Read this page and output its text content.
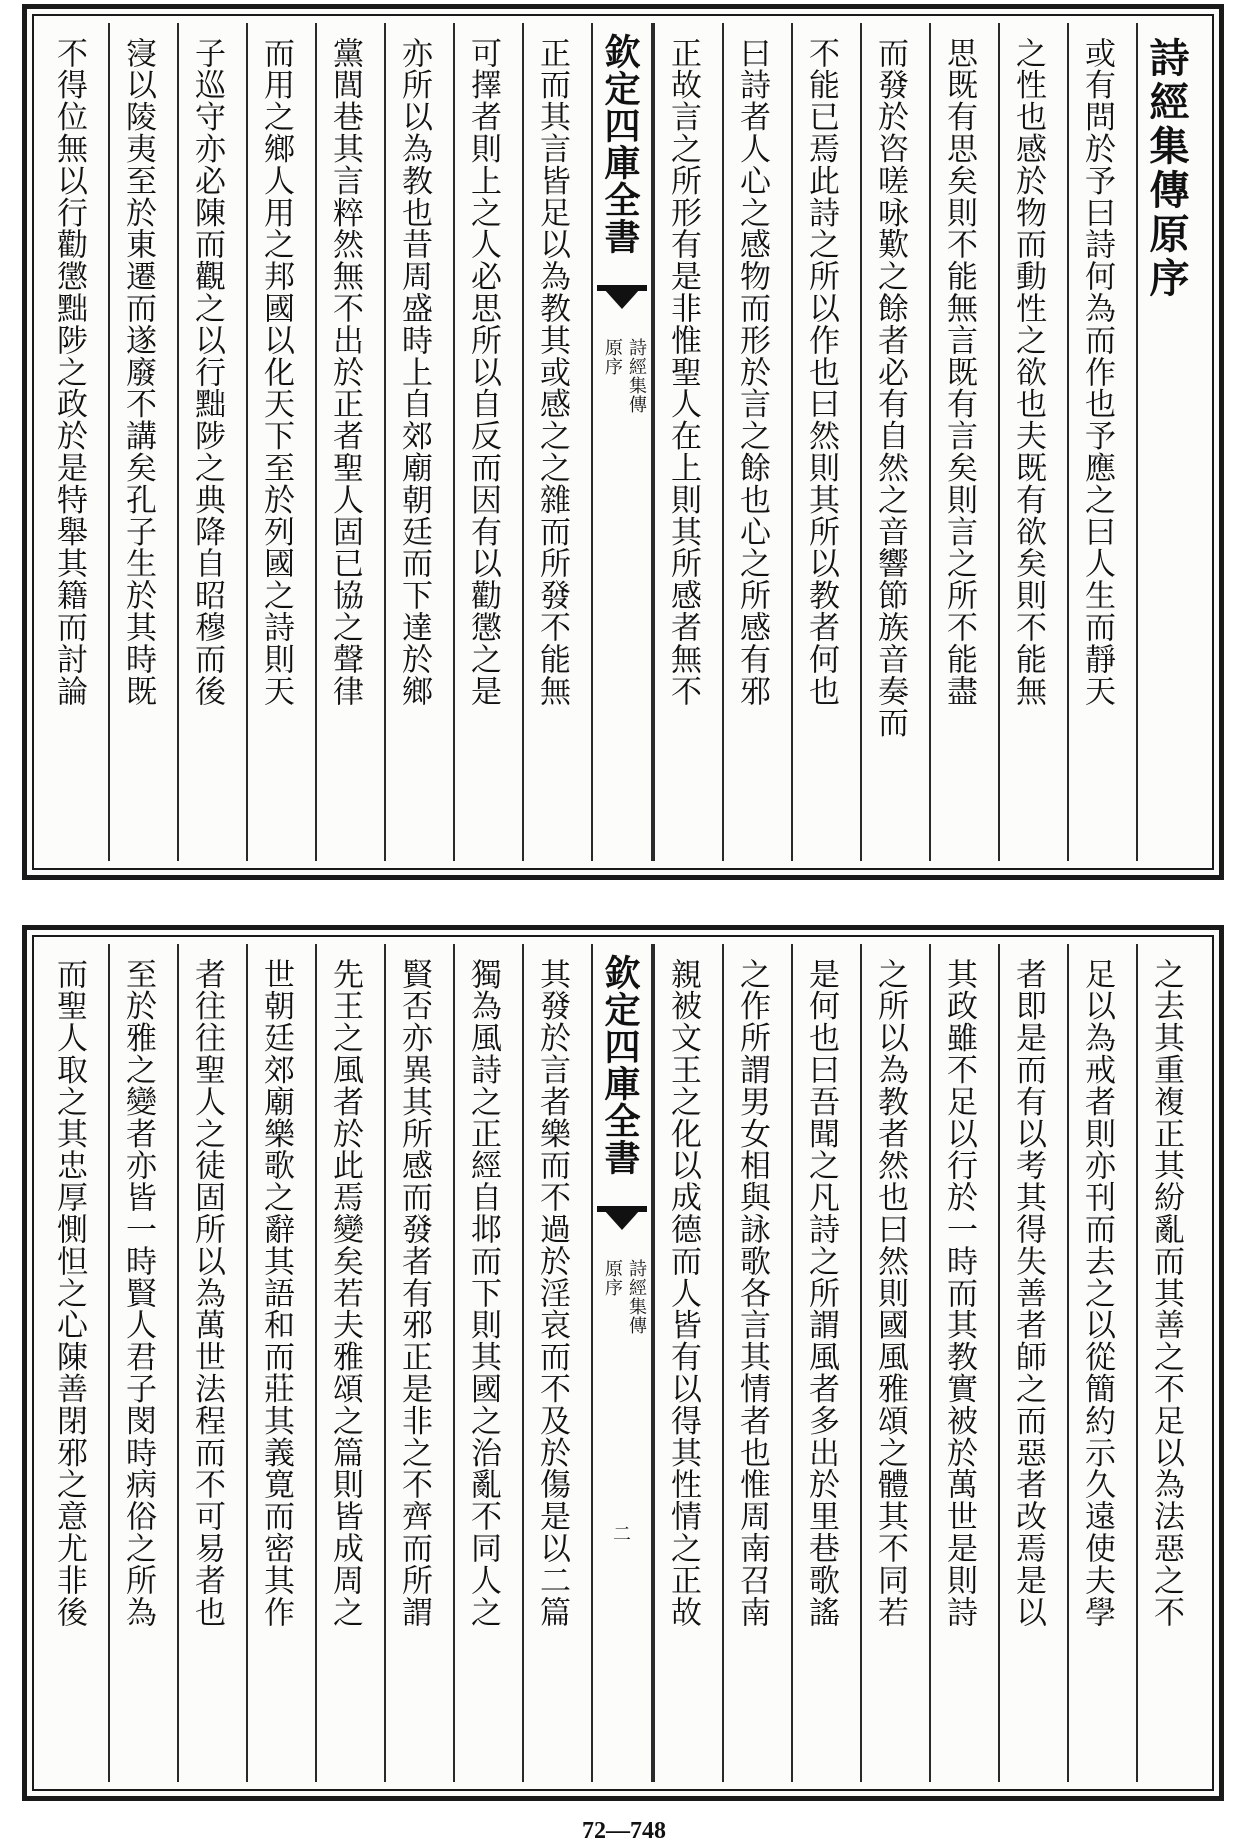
詩經集傳原序
或有問於予曰詩何為而作也予應之曰人生而靜天
之性也感於物而動性之欲也夫既有欲矣則不能無
思既有思矣則不能無言既有言矣則言之所不能盡
而發於咨嗟咏歎之餘者必有自然之音響節族音奏而
不能已焉此詩之所以作也曰然則其所以教者何也
曰詩者人心之感物而形於言之餘也心之所感有邪
正故言之所形有是非惟聖人在上則其所感者無不
欽定四庫全書
詩經集傳
原序
正而其言皆足以為教其或感之之雜而所發不能無
可擇者則上之人必思所以自反而因有以勸懲之是
亦所以為教也昔周盛時上自郊廟朝廷而下達於鄉
黨閭巷其言粹然無不出於正者聖人固已協之聲律
而用之鄉人用之邦國以化天下至於列國之詩則天
子巡守亦必陳而觀之以行黜陟之典降自昭穆而後
寖以陵夷至於東遷而遂廢不講矣孔子生於其時既
不得位無以行勸懲黜陟之政於是特舉其籍而討論
之去其重複正其紛亂而其善之不足以為法惡之不
足以為戒者則亦刊而去之以從簡約示久遠使夫學
者即是而有以考其得失善者師之而惡者改焉是以
其政雖不足以行於一時而其教實被於萬世是則詩
之所以為教者然也曰然則國風雅頌之體其不同若
是何也曰吾聞之凡詩之所謂風者多出於里巷歌謠
之作所謂男女相與詠歌各言其情者也惟周南召南
親被文王之化以成德而人皆有以得其性情之正故
欽定四庫全書
詩經集傳
原序
二
其發於言者樂而不過於淫哀而不及於傷是以二篇
獨為風詩之正經自邶而下則其國之治亂不同人之
賢否亦異其所感而發者有邪正是非之不齊而所謂
先王之風者於此焉變矣若夫雅頌之篇則皆成周之
世朝廷郊廟樂歌之辭其語和而莊其義寛而密其作
者往往聖人之徒固所以為萬世法程而不可易者也
至於雅之變者亦皆一時賢人君子閔時病俗之所為
而聖人取之其忠厚惻怛之心陳善閉邪之意尤非後
72—748
